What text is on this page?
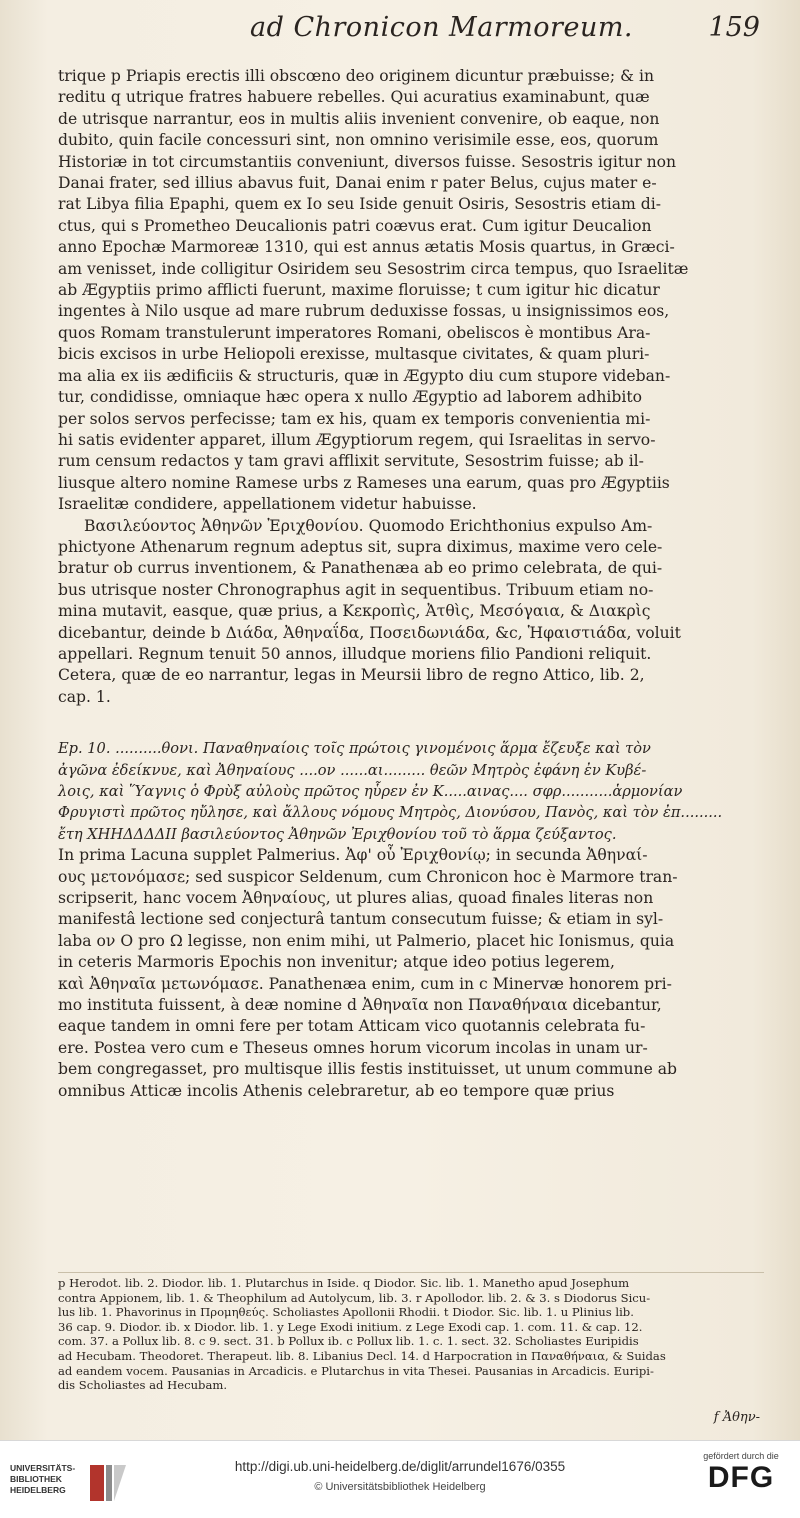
ad Chronicon Marmoreum.	159

trique p Priapis erectis illi obscœno deo originem dicuntur præbuisse; & in
reditu q utrique fratres habuere rebelles. Qui acuratius examinabunt, quæ
de utrisque narrantur, eos in multis aliis invenient convenire, ob eaque, non
dubito, quin facile concessuri sint, non omnino verisimile esse, eos, quorum
Historiæ in tot circumstantiis conveniunt, diversos fuisse. Sesostris igitur non
Danai frater, sed illius abavus fuit, Danai enim r pater Belus, cujus mater e-
rat Libya filia Epaphi, quem ex Io seu Iside genuit Osiris, Sesostris etiam di-
ctus, qui s Prometheo Deucalionis patri coævus erat. Cum igitur Deucalion
anno Epochæ Marmoreæ 1310, qui est annus ætatis Mosis quartus, in Græci-
am venisset, inde colligitur Osiridem seu Sesostrim circa tempus, quo Israelitæ
ab Ægyptiis primo afflicti fuerunt, maxime floruisse; t cum igitur hic dicatur
ingentes à Nilo usque ad mare rubrum deduxisse fossas, u insignissimos eos,
quos Romam transtulerunt imperatores Romani, obeliscos è montibus Ara-
bicis excisos in urbe Heliopoli erexisse, multasque civitates, & quam pluri-
ma alia ex iis ædificiis & structuris, quæ in Ægypto diu cum stupore videban-
tur, condidisse, omniaque hæc opera x nullo Ægyptio ad laborem adhibito
per solos servos perfecisse; tam ex his, quam ex temporis convenientia mi-
hi satis evidenter apparet, illum Ægyptiorum regem, qui Israelitas in servo-
rum censum redactos y tam gravi afflixit servitute, Sesostrim fuisse; ab il-
liusque altero nomine Ramese urbs z Rameses una earum, quas pro Ægyptiis
Israelitæ condidere, appellationem videtur habuisse.

Βασιλεύοντος Ἀθηνῶν Ἐριχθονίου. Quomodo Erichthonius expulso Am-
phictyone Athenarum regnum adeptus sit, supra diximus, maxime vero cele-
bratur ob currus inventionem, & Panathenæa ab eo primo celebrata, de qui-
bus utrisque noster Chronographus agit in sequentibus. Tribuum etiam no-
mina mutavit, easque, quæ prius, a Κεκροπὶς, Ἀτθὶς, Μεσόγαια, & Διακρὶς
dicebantur, deinde b Διάδα, Ἀθηναΐδα, Ποσειδωνιάδα, &c, Ἡφαιστιάδα, voluit
appellari. Regnum tenuit 50 annos, illudque moriens filio Pandioni reliquit.
Cetera, quæ de eo narrantur, legas in Meursii libro de regno Attico, lib. 2,
cap. 1.

Ep. 10. ..........θονι. Παναθηναίοις τοῖς πρώτοις γινομένοις ἅρμα ἔζευξε καὶ τὸν
ἀγῶνα ἐδείκνυε, καὶ Ἀθηναίους ....ον ......αι......... θεῶν Μητρὸς ἐφάνη ἐν Κυβέ-
λοις, καὶ Ὕαγνις ὁ Φρὺξ αὐλοὺς πρῶτος ηὗρεν ἐν Κ.....αινας.... σφρ...........ἁρμονίαν
Φρυγιστὶ πρῶτος ηὔλησε, καὶ ἄλλους νόμους Μητρὸς, Διονύσου, Πανὸς, καὶ τὸν ἐπ.........
ἔτη ΧΗΗΔΔΔΔΙΙ βασιλεύοντος Ἀθηνῶν Ἐριχθονίου τοῦ τὸ ἅρμα ζεύξαντος.

In prima Lacuna supplet Palmerius. Ἀφ' οὗ Ἐριχθονίῳ; in secunda Ἀθηναί-
ους μετονόμασε; sed suspicor Seldenum, cum Chronicon hoc è Marmore tran-
scripserit, hanc vocem Ἀθηναίους, ut plures alias, quoad finales literas non
manifestâ lectione sed conjecturâ tantum consecutum fuisse; & etiam in syl-
laba ον O pro Ω legisse, non enim mihi, ut Palmerio, placet hic Ionismus, quia
in ceteris Marmoris Epochis non invenitur; atque ideo potius legerem,
καὶ Ἀθηναῖα μετωνόμασε. Panathenæa enim, cum in c Minervæ honorem pri-
mo instituta fuissent, à deæ nomine d Ἀθηναῖα non Παναθήναια dicebantur,
eaque tandem in omni fere per totam Atticam vico quotannis celebrata fu-
ere. Postea vero cum e Theseus omnes horum vicorum incolas in unam ur-
bem congregasset, pro multisque illis festis instituisset, ut unum commune ab
omnibus Atticæ incolis Athenis celebraretur, ab eo tempore quæ prius

p Herodot. lib. 2. Diodor. lib. 1. Plutarchus in Iside. q Diodor. Sic. lib. 1. Manetho apud Josephum

contra Appionem, lib. 1. & Theophilum ad Autolycum, lib. 3. r Apollodor. lib. 2. & 3. s Diodorus Sicu-

lus lib. 1. Phavorinus in Προμηθεύς. Scholiastes Apollonii Rhodii. t Diodor. Sic. lib. 1. u Plinius lib.

36 cap. 9. Diodor. ib. x Diodor. lib. 1. y Lege Exodi initium. z Lege Exodi cap. 1. com. 11. & cap. 12.

com. 37. a Pollux lib. 8. c 9. sect. 31. b Pollux ib. c Pollux lib. 1. c. 1. sect. 32. Scholiastes Euripidis

ad Hecubam. Theodoret. Therapeut. lib. 8. Libanius Decl. 14. d Harpocration in Παναθήναια, & Suidas

ad eandem vocem. Pausanias in Arcadicis. e Plutarchus in vita Thesei. Pausanias in Arcadicis. Euripi-

dis Scholiastes ad Hecubam.

f Ἀθην-
UNIVERSITÄTS-
BIBLIOTHEK
HEIDELBERG
http://digi.ub.uni-heidelberg.de/diglit/arrundel1676/0355
© Universitätsbibliothek Heidelberg
gefördert durch die
DFG
